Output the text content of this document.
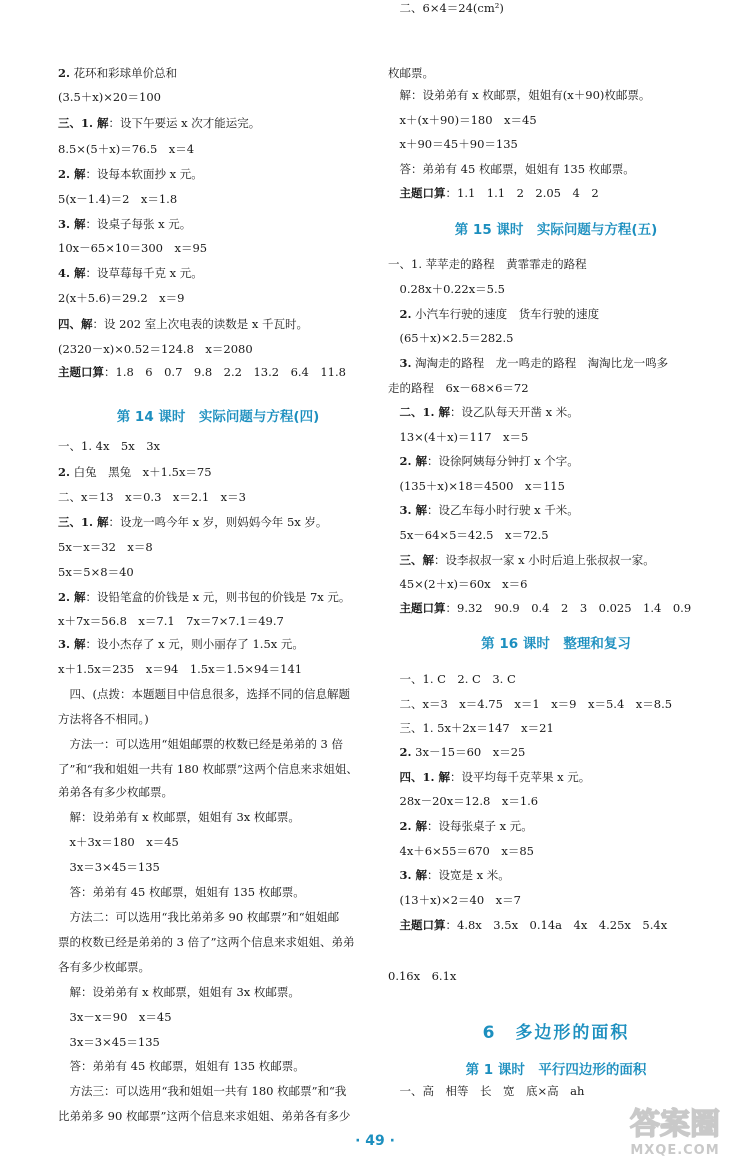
2. 花环和彩球单价总和
(3.5＋x)×20＝100
三、1. 解：设下午要运 x 次才能运完。
8.5×(5＋x)＝76.5　x＝4
2. 解：设每本软面抄 x 元。
5(x－1.4)＝2　x＝1.8
3. 解：设桌子每张 x 元。
10x－65×10＝300　x＝95
4. 解：设草莓每千克 x 元。
2(x＋5.6)＝29.2　x＝9
四、解：设 202 室上次电表的读数是 x 千瓦时。
(2320－x)×0.52＝124.8　x＝2080
主题口算：1.8　6　0.7　9.8　2.2　13.2　6.4　11.8
第 14 课时　实际问题与方程(四)
一、1. 4x　5x　3x
2. 白兔　黑兔　x＋1.5x＝75
二、x＝13　x＝0.3　x＝2.1　x＝3
三、1. 解：设龙一鸣今年 x 岁，则妈妈今年 5x 岁。
5x－x＝32　x＝8
5x＝5×8＝40
2. 解：设铅笔盒的价钱是 x 元，则书包的价钱是 7x 元。
x＋7x＝56.8　x＝7.1　7x＝7×7.1＝49.7
3. 解：设小杰存了 x 元，则小丽存了 1.5x 元。
x＋1.5x＝235　x＝94　1.5x＝1.5×94＝141
　四、(点拨：本题题目中信息很多，选择不同的信息解题
方法将各不相同。)
　方法一：可以选用“姐姐邮票的枚数已经是弟弟的 3 倍
了”和“我和姐姐一共有 180 枚邮票”这两个信息来求姐姐、
弟弟各有多少枚邮票。
　解：设弟弟有 x 枚邮票，姐姐有 3x 枚邮票。
　x＋3x＝180　x＝45
　3x＝3×45＝135
　答：弟弟有 45 枚邮票，姐姐有 135 枚邮票。
　方法二：可以选用“我比弟弟多 90 枚邮票”和“姐姐邮
票的枚数已经是弟弟的 3 倍了”这两个信息来求姐姐、弟弟
各有多少枚邮票。
　解：设弟弟有 x 枚邮票，姐姐有 3x 枚邮票。
　3x－x＝90　x＝45
　3x＝3×45＝135
　答：弟弟有 45 枚邮票，姐姐有 135 枚邮票。
　方法三：可以选用“我和姐姐一共有 180 枚邮票”和“我
比弟弟多 90 枚邮票”这两个信息来求姐姐、弟弟各有多少
枚邮票。
　解：设弟弟有 x 枚邮票，姐姐有(x＋90)枚邮票。
　x＋(x＋90)＝180　x＝45
　x＋90＝45＋90＝135
　答：弟弟有 45 枚邮票，姐姐有 135 枚邮票。
　主题口算：1.1　1.1　2　2.05　4　2
第 15 课时　实际问题与方程(五)
一、1. 苹苹走的路程　黄霏霏走的路程
　0.28x＋0.22x＝5.5
　2. 小汽车行驶的速度　货车行驶的速度
　(65＋x)×2.5＝282.5
　3. 淘淘走的路程　龙一鸣走的路程　淘淘比龙一鸣多
走的路程　6x－68×6＝72
　二、1. 解：设乙队每天开凿 x 米。
　13×(4＋x)＝117　x＝5
　2. 解：设徐阿姨每分钟打 x 个字。
　(135＋x)×18＝4500　x＝115
　3. 解：设乙车每小时行驶 x 千米。
　5x－64×5＝42.5　x＝72.5
　三、解：设李叔叔一家 x 小时后追上张叔叔一家。
　45×(2＋x)＝60x　x＝6
　主题口算：9.32　90.9　0.4　2　3　0.025　1.4　0.9
第 16 课时　整理和复习
　一、1. C　2. C　3. C
　二、x＝3　x＝4.75　x＝1　x＝9　x＝5.4　x＝8.5
　三、1. 5x＋2x＝147　x＝21
　2. 3x－15＝60　x＝25
　四、1. 解：设平均每千克苹果 x 元。
　28x－20x＝12.8　x＝1.6
　2. 解：设每张桌子 x 元。
　4x＋6×55＝670　x＝85
　3. 解：设宽是 x 米。
　(13＋x)×2＝40　x＝7
　主题口算：4.8x　3.5x　0.14a　4x　4.25x　5.4x
0.16x　6.1x
6　多边形的面积
第 1 课时　平行四边形的面积
　一、高　相等　长　宽　底×高　ah
　二、6×4＝24(cm²)
· 49 ·	答案圈
MXQE.COM
